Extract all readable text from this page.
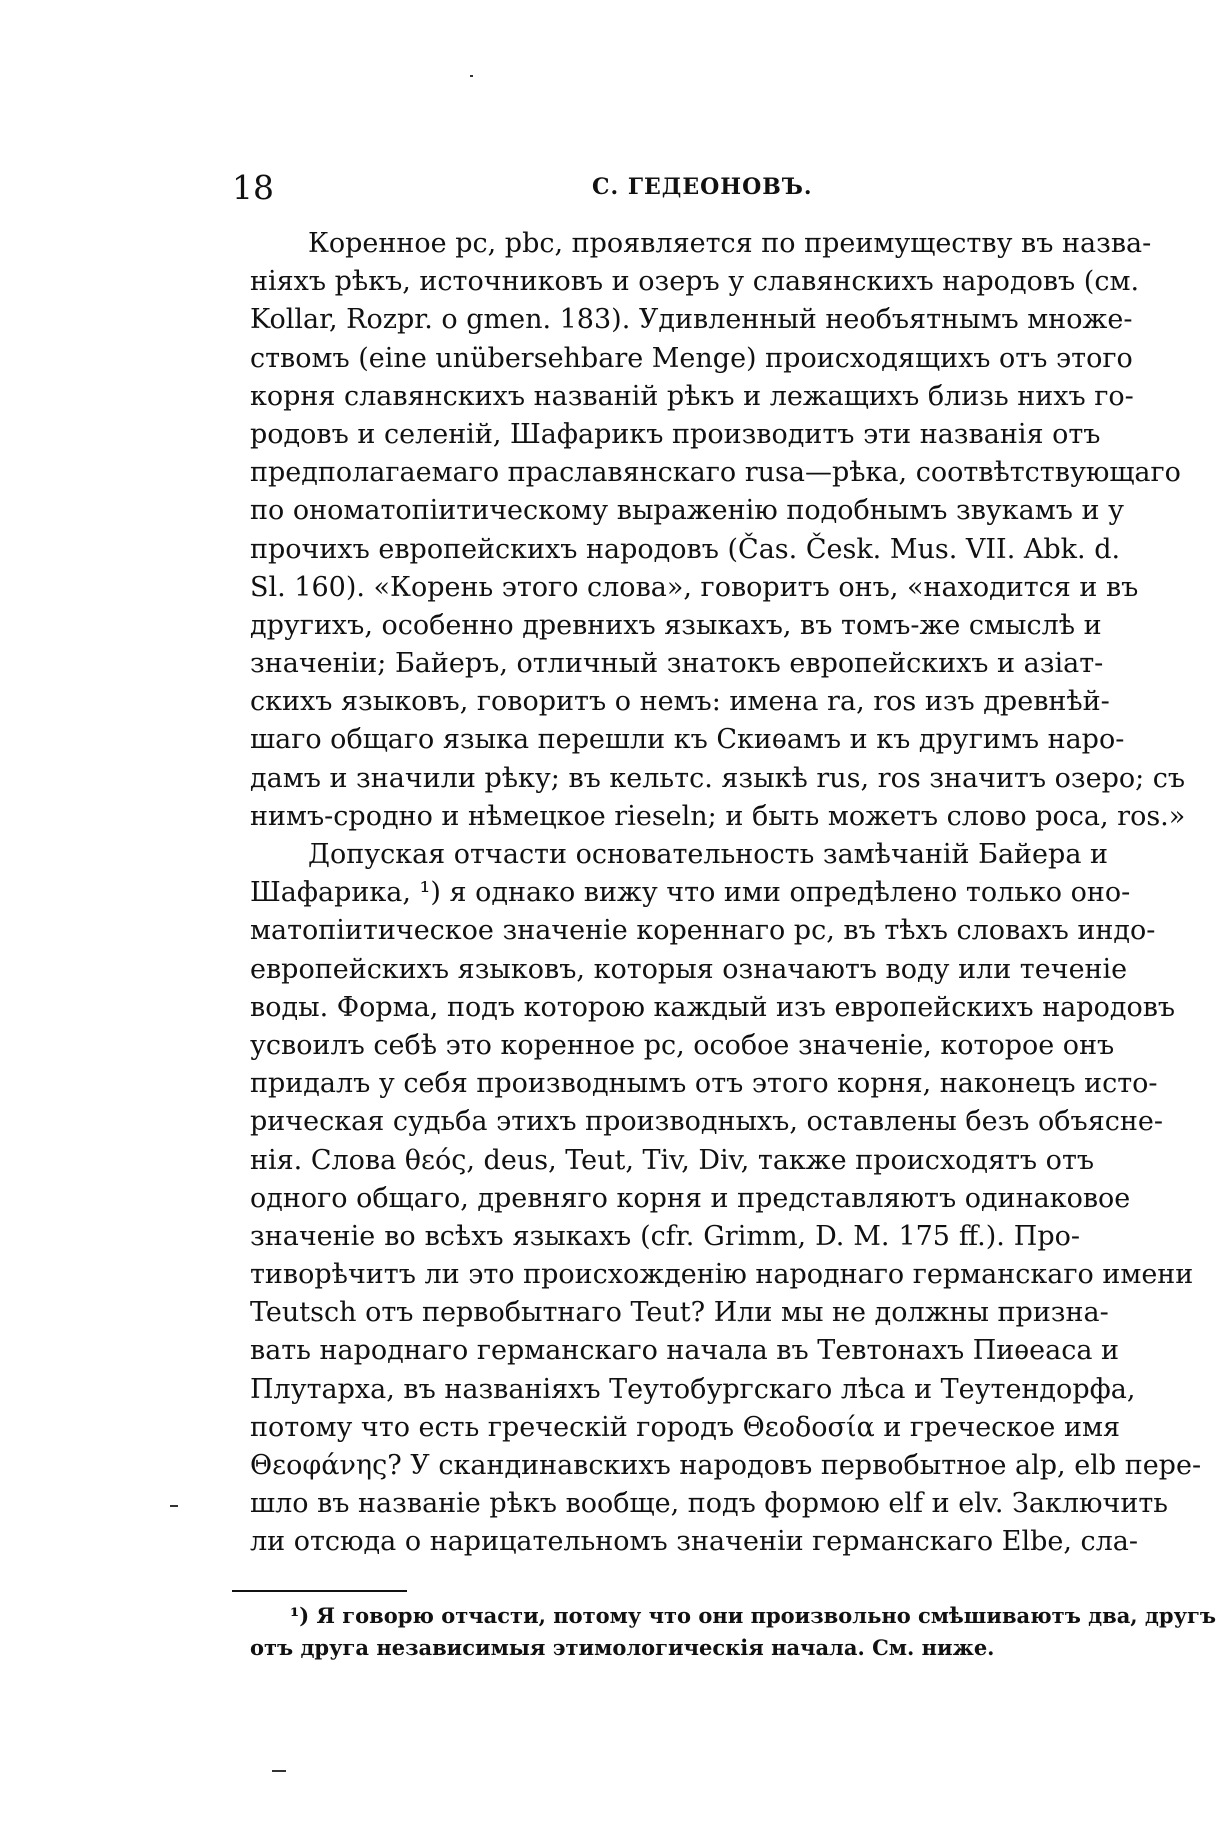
18	С. ГЕДЕОНОВЪ.
Коренное рс, рbс, проявляется по преимуществу въ назва-
ніяхъ рѣкъ, источниковъ и озеръ у славянскихъ народовъ (см.
Kollar, Rozpr. o gmen. 183). Удивленный необъятнымъ множе-
ствомъ (eine unübersehbare Menge) происходящихъ отъ этого
корня славянскихъ названій рѣкъ и лежащихъ близь нихъ го-
родовъ и селеній, Шафарикъ производитъ эти названія отъ
предполагаемаго праславянскаго rusa—рѣка, соотвѣтствующаго
по ономатопіитическому выраженію подобнымъ звукамъ и у
прочихъ европейскихъ народовъ (Čas. Česk. Mus. VII. Abk. d.
Sl. 160). «Корень этого слова», говоритъ онъ, «находится и въ
другихъ, особенно древнихъ языкахъ, въ томъ-же смыслѣ и
значеніи; Байеръ, отличный знатокъ европейскихъ и азіат-
скихъ языковъ, говоритъ о немъ: имена ra, ros изъ древнѣй-
шаго общаго языка перешли къ Скиѳамъ и къ другимъ наро-
дамъ и значили рѣку; въ кельтс. языкѣ rus, ros значитъ озеро; съ
нимъ-сродно и нѣмецкое rieseln; и быть можетъ слово роса, ros.»
Допуская отчасти основательность замѣчаній Байера и
Шафарика, ¹) я однако вижу что ими опредѣлено только оно-
матопіитическое значеніе кореннаго рс, въ тѣхъ словахъ индо-
европейскихъ языковъ, которыя означаютъ воду или теченіе
воды. Форма, подъ которою каждый изъ европейскихъ народовъ
усвоилъ себѣ это коренное рс, особое значеніе, которое онъ
придалъ у себя производнымъ отъ этого корня, наконецъ исто-
рическая судьба этихъ производныхъ, оставлены безъ объясне-
нія. Слова θεός, deus, Teut, Tiv, Div, также происходятъ отъ
одного общаго, древняго корня и представляютъ одинаковое
значеніе во всѣхъ языкахъ (cfr. Grimm, D. M. 175 ff.). Про-
тиворѣчитъ ли это происхожденію народнаго германскаго имени
Teutsch отъ первобытнаго Teut? Или мы не должны призна-
вать народнаго германскаго начала въ Тевтонахъ Пиѳеаса и
Плутарха, въ названіяхъ Теутобургскаго лѣса и Теутендорфа,
потому что есть греческій городъ Θεοδοσία и греческое имя
Θεοφάνης? У скандинавскихъ народовъ первобытное alp, elb пере-
шло въ названіе рѣкъ вообще, подъ формою elf и elv. Заключить
ли отсюда о нарицательномъ значеніи германскаго Elbe, сла-
¹) Я говорю отчасти, потому что они произвольно смѣшиваютъ два, другъ
отъ друга независимыя этимологическія начала. См. ниже.
